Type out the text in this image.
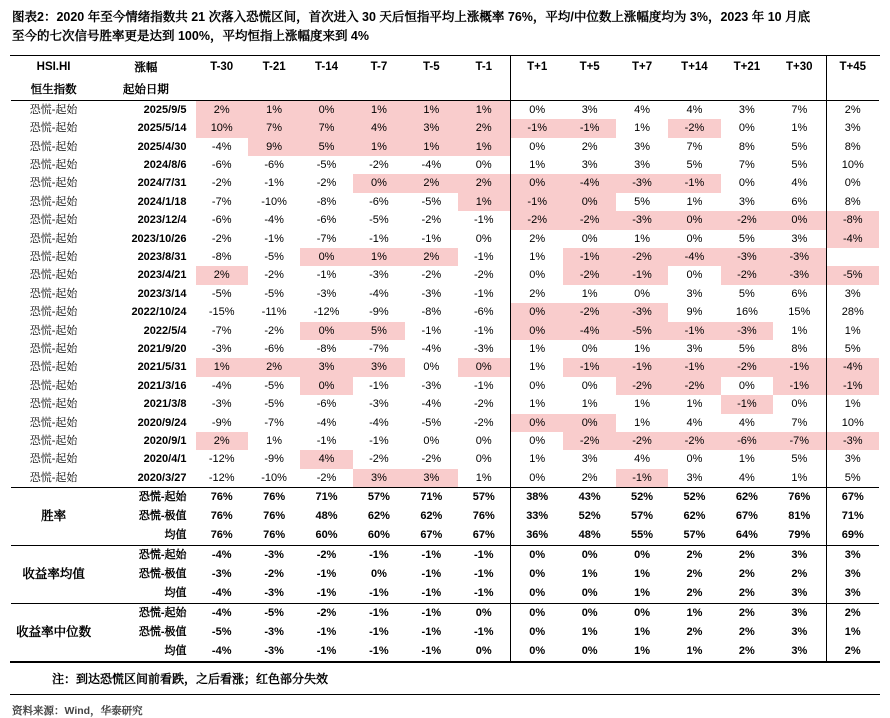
图表2：2020 年至今情绪指数共 21 次落入恐慌区间，首次进入 30 天后恒指平均上涨概率 76%，平均/中位数上涨幅度均为 3%，2023 年 10 月底

至今的七次信号胜率更是达到 100%，平均恒指上涨幅度来到 4%

HSI.HI	涨幅	T-30	T-21	T-14	T-7	T-5	T-1	T+1	T+5	T+7	T+14	T+21	T+30	T+45
恒生指数	起始日期													
恐慌-起始	2025/9/5	2%	1%	0%	1%	1%	1%	0%	3%	4%	4%	3%	7%	2%
恐慌-起始	2025/5/14	10%	7%	7%	4%	3%	2%	-1%	-1%	1%	-2%	0%	1%	3%
恐慌-起始	2025/4/30	-4%	9%	5%	1%	1%	1%	0%	2%	3%	7%	8%	5%	8%
恐慌-起始	2024/8/6	-6%	-6%	-5%	-2%	-4%	0%	1%	3%	3%	5%	7%	5%	10%
恐慌-起始	2024/7/31	-2%	-1%	-2%	0%	2%	2%	0%	-4%	-3%	-1%	0%	4%	0%
恐慌-起始	2024/1/18	-7%	-10%	-8%	-6%	-5%	1%	-1%	0%	5%	1%	3%	6%	8%
恐慌-起始	2023/12/4	-6%	-4%	-6%	-5%	-2%	-1%	-2%	-2%	-3%	0%	-2%	0%	-8%
恐慌-起始	2023/10/26	-2%	-1%	-7%	-1%	-1%	0%	2%	0%	1%	0%	5%	3%	-4%
恐慌-起始	2023/8/31	-8%	-5%	0%	1%	2%	-1%	1%	-1%	-2%	-4%	-3%	-3%	
恐慌-起始	2023/4/21	2%	-2%	-1%	-3%	-2%	-2%	0%	-2%	-1%	0%	-2%	-3%	-5%
恐慌-起始	2023/3/14	-5%	-5%	-3%	-4%	-3%	-1%	2%	1%	0%	3%	5%	6%	3%
恐慌-起始	2022/10/24	-15%	-11%	-12%	-9%	-8%	-6%	0%	-2%	-3%	9%	16%	15%	28%
恐慌-起始	2022/5/4	-7%	-2%	0%	5%	-1%	-1%	0%	-4%	-5%	-1%	-3%	1%	1%
恐慌-起始	2021/9/20	-3%	-6%	-8%	-7%	-4%	-3%	1%	0%	1%	3%	5%	8%	5%
恐慌-起始	2021/5/31	1%	2%	3%	3%	0%	0%	1%	-1%	-1%	-1%	-2%	-1%	-4%
恐慌-起始	2021/3/16	-4%	-5%	0%	-1%	-3%	-1%	0%	0%	-2%	-2%	0%	-1%	-1%
恐慌-起始	2021/3/8	-3%	-5%	-6%	-3%	-4%	-2%	1%	1%	1%	1%	-1%	0%	1%
恐慌-起始	2020/9/24	-9%	-7%	-4%	-4%	-5%	-2%	0%	0%	1%	4%	4%	7%	10%
恐慌-起始	2020/9/1	2%	1%	-1%	-1%	0%	0%	0%	-2%	-2%	-2%	-6%	-7%	-3%
恐慌-起始	2020/4/1	-12%	-9%	4%	-2%	-2%	0%	1%	3%	4%	0%	1%	5%	3%
恐慌-起始	2020/3/27	-12%	-10%	-2%	3%	3%	1%	0%	2%	-1%	3%	4%	1%	5%
胜率	恐慌-起始	76%	76%	71%	57%	71%	57%	38%	43%	52%	52%	62%	76%	67%
	恐慌-极值	76%	76%	48%	62%	62%	76%	33%	52%	57%	62%	67%	81%	71%
	均值	76%	76%	60%	60%	67%	67%	36%	48%	55%	57%	64%	79%	69%
收益率均值	恐慌-起始	-4%	-3%	-2%	-1%	-1%	-1%	0%	0%	0%	2%	2%	3%	3%
	恐慌-极值	-3%	-2%	-1%	0%	-1%	-1%	0%	1%	1%	2%	2%	2%	3%
	均值	-4%	-3%	-1%	-1%	-1%	-1%	0%	0%	1%	2%	2%	3%	3%
收益率中位数	恐慌-起始	-4%	-5%	-2%	-1%	-1%	0%	0%	0%	0%	1%	2%	3%	2%
	恐慌-极值	-5%	-3%	-1%	-1%	-1%	-1%	0%	1%	1%	2%	2%	3%	1%
	均值	-4%	-3%	-1%	-1%	-1%	0%	0%	0%	1%	1%	2%	3%	2%
注：到达恐慌区间前看跌，之后看涨；红色部分失效
资料来源：Wind，华泰研究
